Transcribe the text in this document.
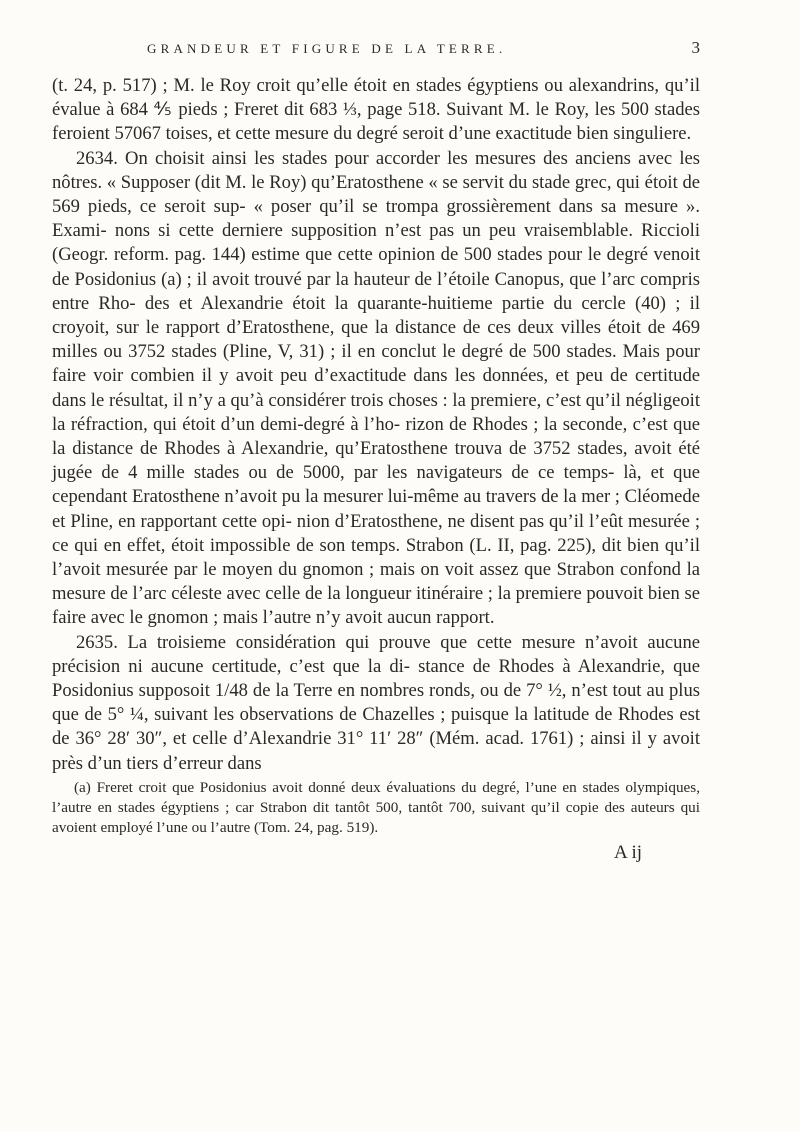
GRANDEUR ET FIGURE DE LA TERRE.	3

(t. 24, p. 517) ; M. le Roy croit qu’elle étoit en stades égyptiens ou alexandrins, qu’il évalue à 684 ⅘ pieds ; Freret dit 683 ⅓, page 518. Suivant M. le Roy, les 500 stades feroient 57067 toises, et cette mesure du degré seroit d’une exactitude bien singuliere.

2634. On choisit ainsi les stades pour accorder les mesures des anciens avec les nôtres. « Supposer (dit M. le Roy) qu’Eratosthene « se servit du stade grec, qui étoit de 569 pieds, ce seroit sup- « poser qu’il se trompa grossièrement dans sa mesure ». Exami- nons si cette derniere supposition n’est pas un peu vraisemblable. Riccioli (Geogr. reform. pag. 144) estime que cette opinion de 500 stades pour le degré venoit de Posidonius (a) ; il avoit trouvé par la hauteur de l’étoile Canopus, que l’arc compris entre Rho- des et Alexandrie étoit la quarante-huitieme partie du cercle (40) ; il croyoit, sur le rapport d’Eratosthene, que la distance de ces deux villes étoit de 469 milles ou 3752 stades (Pline, V, 31) ; il en conclut le degré de 500 stades. Mais pour faire voir combien il y avoit peu d’exactitude dans les données, et peu de certitude dans le résultat, il n’y a qu’à considérer trois choses : la premiere, c’est qu’il négligeoit la réfraction, qui étoit d’un demi-degré à l’ho- rizon de Rhodes ; la seconde, c’est que la distance de Rhodes à Alexandrie, qu’Eratosthene trouva de 3752 stades, avoit été jugée de 4 mille stades ou de 5000, par les navigateurs de ce temps- là, et que cependant Eratosthene n’avoit pu la mesurer lui-même au travers de la mer ; Cléomede et Pline, en rapportant cette opi- nion d’Eratosthene, ne disent pas qu’il l’eût mesurée ; ce qui en effet, étoit impossible de son temps. Strabon (L. II, pag. 225), dit bien qu’il l’avoit mesurée par le moyen du gnomon ; mais on voit assez que Strabon confond la mesure de l’arc céleste avec celle de la longueur itinéraire ; la premiere pouvoit bien se faire avec le gnomon ; mais l’autre n’y avoit aucun rapport.

2635. La troisieme considération qui prouve que cette mesure n’avoit aucune précision ni aucune certitude, c’est que la di- stance de Rhodes à Alexandrie, que Posidonius supposoit 1/48 de la Terre en nombres ronds, ou de 7° ½, n’est tout au plus que de 5° ¼, suivant les observations de Chazelles ; puisque la latitude de Rhodes est de 36° 28′ 30″, et celle d’Alexandrie 31° 11′ 28″ (Mém. acad. 1761) ; ainsi il y avoit près d’un tiers d’erreur dans

(a) Freret croit que Posidonius avoit donné deux évaluations du degré, l’une en stades olympiques, l’autre en stades égyptiens ; car Strabon dit tantôt 500, tantôt 700, suivant qu’il copie des auteurs qui avoient employé l’une ou l’autre (Tom. 24, pag. 519).
A ij
